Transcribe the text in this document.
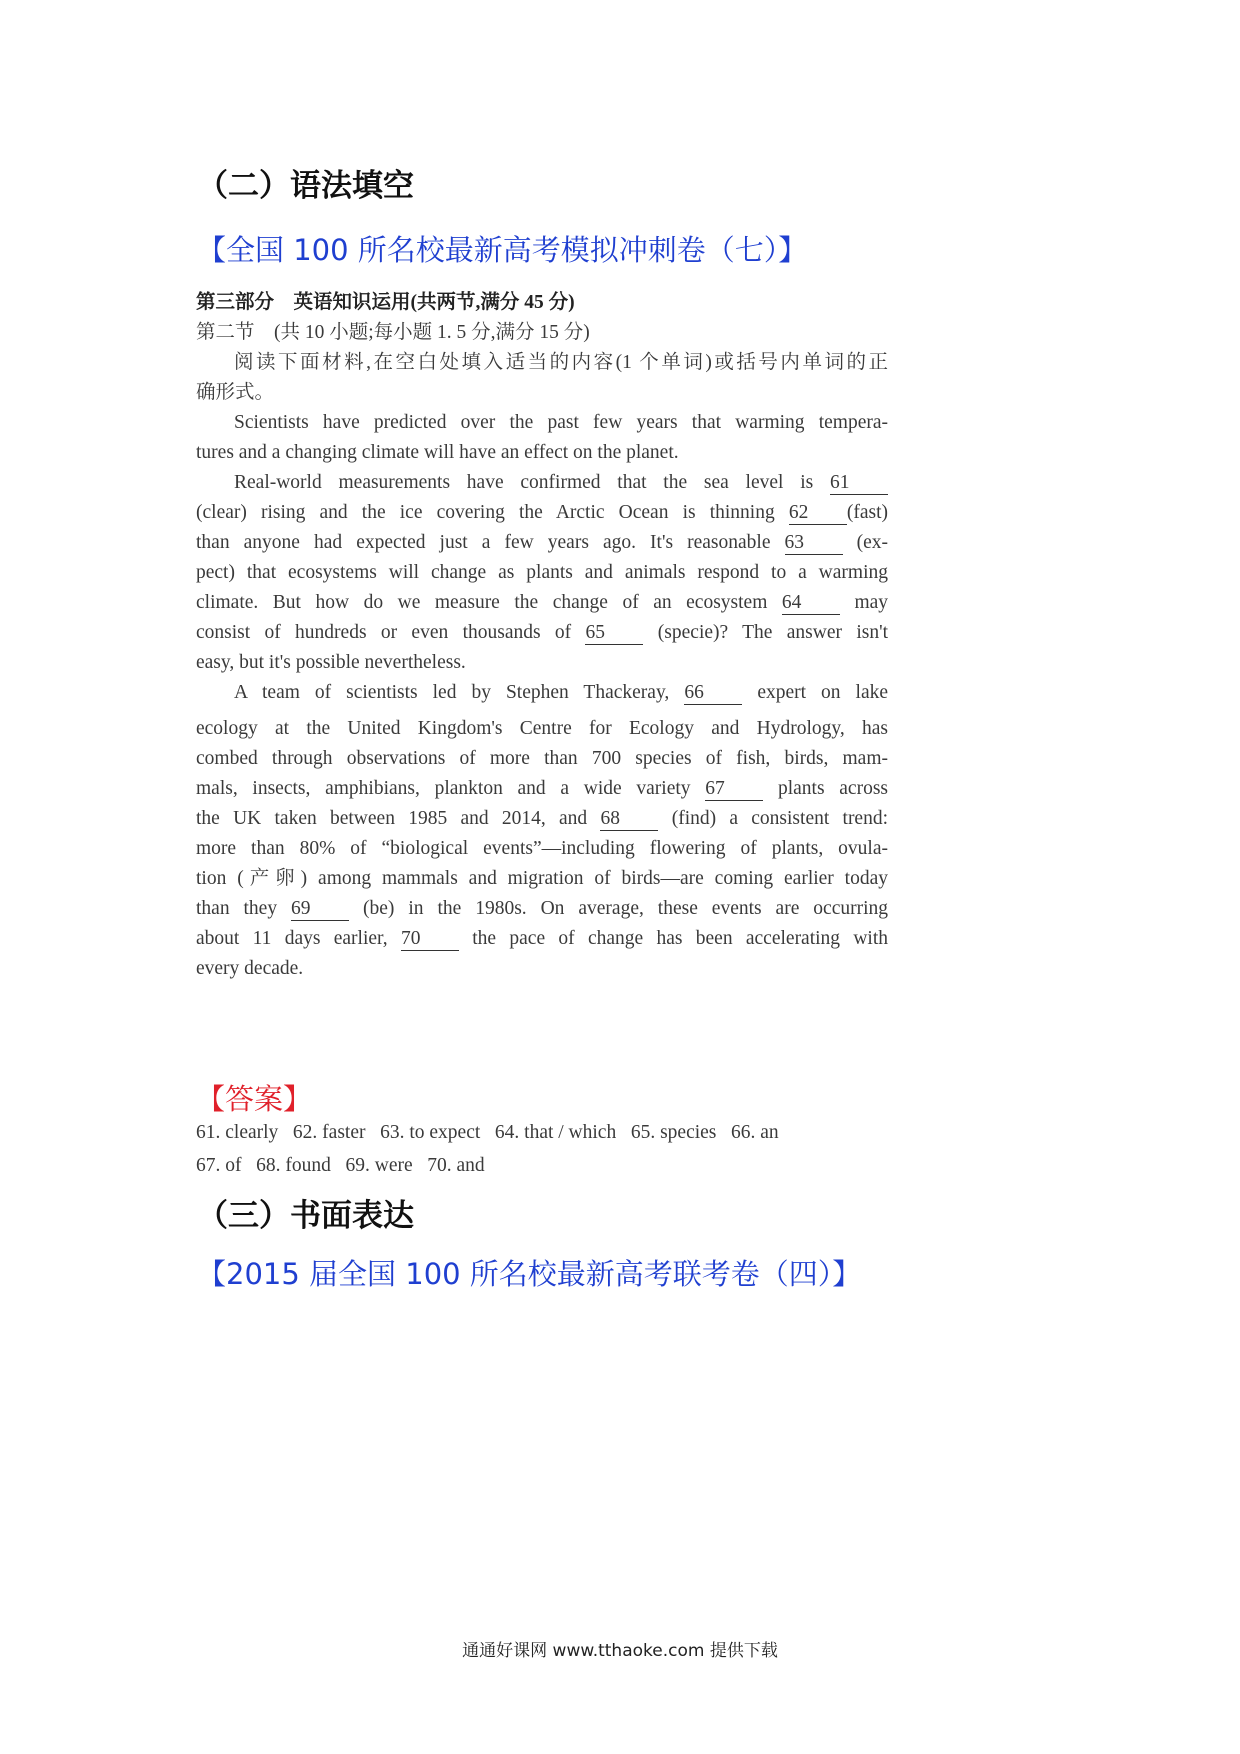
（二）语法填空
【全国 100 所名校最新高考模拟冲刺卷（七）】
第三部分　英语知识运用(共两节,满分 45 分)
第二节　(共 10 小题;每小题 1. 5 分,满分 15 分)
阅读下面材料,在空白处填入适当的内容(1 个单词)或括号内单词的正
确形式。
Scientists have predicted over the past few years that warming tempera-
tures and a changing climate will have an effect on the planet.
Real-world measurements have confirmed that the sea level is 61
(clear) rising and the ice covering the Arctic Ocean is thinning 62 (fast)
than anyone had expected just a few years ago. It's reasonable 63	(ex-
pect) that ecosystems will change as plants and animals respond to a warming
climate. But how do we measure the change of an ecosystem 64	may
consist of hundreds or even thousands of 65	(specie)? The answer isn't
easy, but it's possible nevertheless.
A team of scientists led by Stephen Thackeray, 66	expert on lake
ecology at the United Kingdom's Centre for Ecology and Hydrology, has
combed through observations of more than 700 species of fish, birds, mam-
mals, insects, amphibians, plankton and a wide variety 67	plants across
the UK taken between 1985 and 2014, and 68	(find) a consistent trend:
more than 80% of “biological events”—including flowering of plants, ovula-
tion (产卵) among mammals and migration of birds—are coming earlier today
than they 69	(be) in the 1980s. On average, these events are occurring
about 11 days earlier, 70	the pace of change has been accelerating with
every decade.
【答案】
61. clearly   62. faster   63. to expect   64. that / which   65. species   66. an
67. of   68. found   69. were   70. and
（三）书面表达
【2015 届全国 100 所名校最新高考联考卷（四）】
通通好课网 www.tthaoke.com 提供下载
